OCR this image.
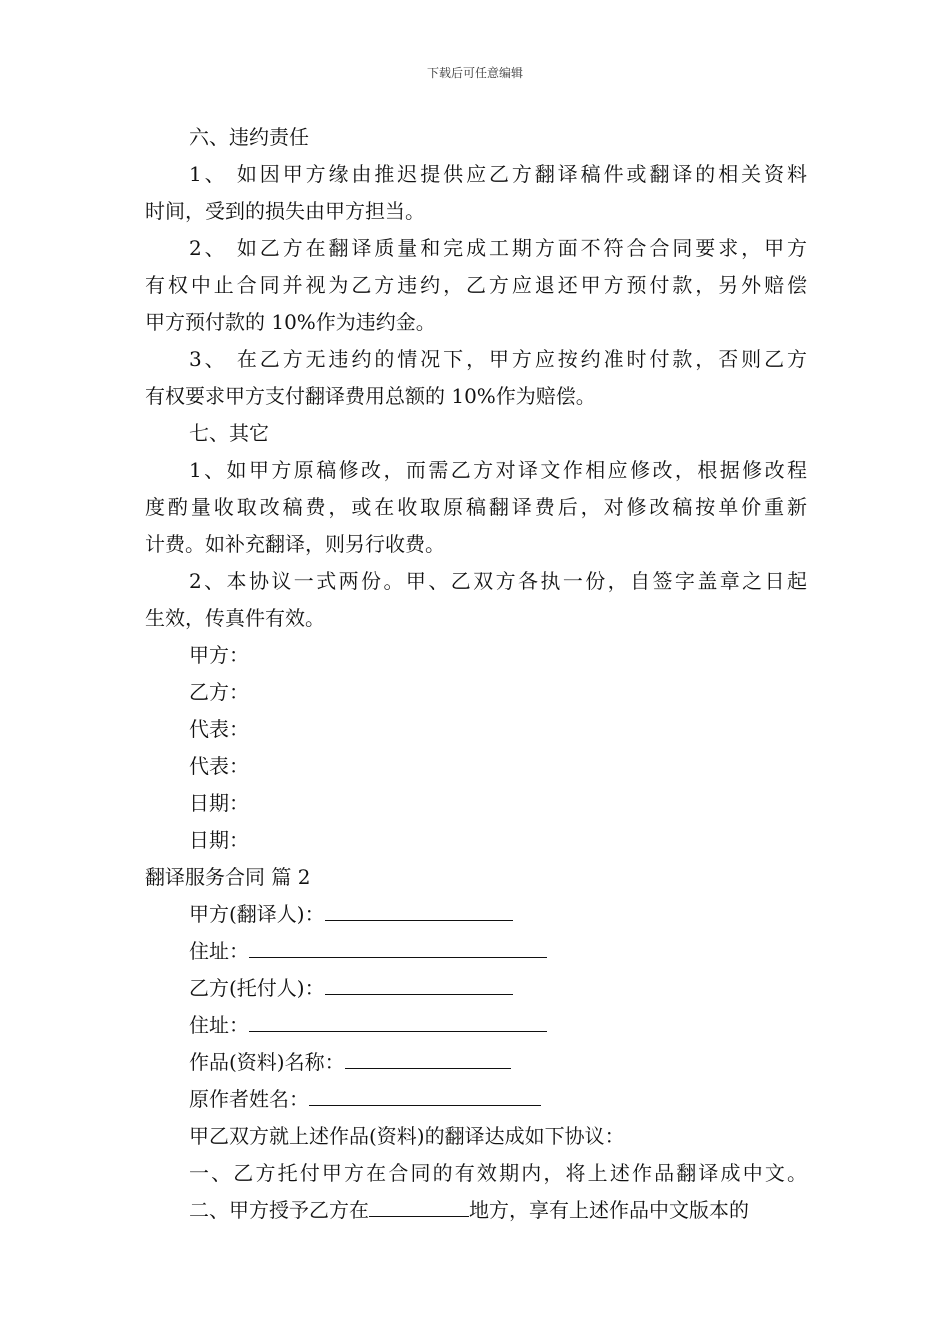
下载后可任意编辑

六、违约责任

1、 如因甲方缘由推迟提供应乙方翻译稿件或翻译的相关资料

时间，受到的损失由甲方担当。

2、 如乙方在翻译质量和完成工期方面不符合合同要求，甲方

有权中止合同并视为乙方违约，乙方应退还甲方预付款，另外赔偿

甲方预付款的 10%作为违约金。

3、 在乙方无违约的情况下，甲方应按约准时付款，否则乙方

有权要求甲方支付翻译费用总额的 10%作为赔偿。

七、其它

1、如甲方原稿修改，而需乙方对译文作相应修改，根据修改程

度酌量收取改稿费，或在收取原稿翻译费后，对修改稿按单价重新

计费。如补充翻译，则另行收费。

2、本协议一式两份。甲、乙双方各执一份，自签字盖章之日起

生效，传真件有效。

甲方：

乙方：

代表：

代表：

日期：

日期：

翻译服务合同 篇 2

甲方(翻译人)：

住址：

乙方(托付人)：

住址：

作品(资料)名称：

原作者姓名：

甲乙双方就上述作品(资料)的翻译达成如下协议：

一、乙方托付甲方在合同的有效期内，将上述作品翻译成中文。

二、甲方授予乙方在	地方，享有上述作品中文版本的
